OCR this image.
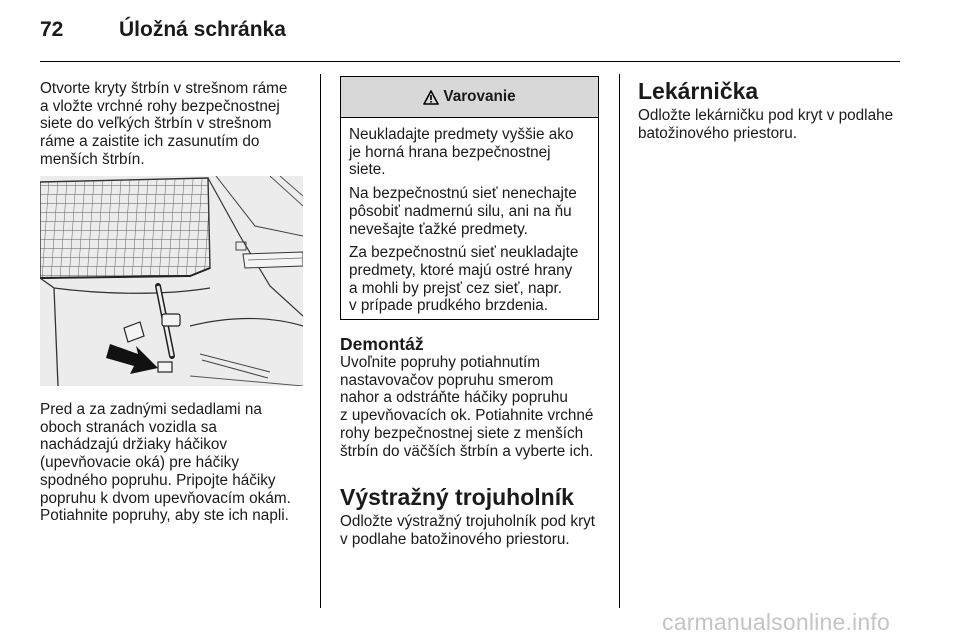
72	Úložná schránka

Otvorte kryty štrbín v strešnom ráme
a vložte vrchné rohy bezpečnostnej
siete do veľkých štrbín v strešnom
ráme a zaistite ich zasunutím do
menších štrbín.

Pred a za zadnými sedadlami na
oboch stranách vozidla sa
nachádzajú držiaky háčikov
(upevňovacie oká) pre háčiky
spodného popruhu. Pripojte háčiky
popruhu k dvom upevňovacím okám.
Potiahnite popruhy, aby ste ich napli.

Varovanie

Neukladajte predmety vyššie ako
je horná hrana bezpečnostnej
siete.

Na bezpečnostnú sieť nenechajte
pôsobiť nadmernú silu, ani na ňu
nevešajte ťažké predmety.

Za bezpečnostnú sieť neukladajte
predmety, ktoré majú ostré hrany
a mohli by prejsť cez sieť, napr.
v prípade prudkého brzdenia.

Demontáž

Uvoľnite popruhy potiahnutím
nastavovačov popruhu smerom
nahor a odstráňte háčiky popruhu
z upevňovacích ok. Potiahnite vrchné
rohy bezpečnostnej siete z menších
štrbín do väčších štrbín a vyberte ich.

Výstražný trojuholník

Odložte výstražný trojuholník pod kryt
v podlahe batožinového priestoru.

Lekárnička

Odložte lekárničku pod kryt v podlahe
batožinového priestoru.

carmanualsonline.info
